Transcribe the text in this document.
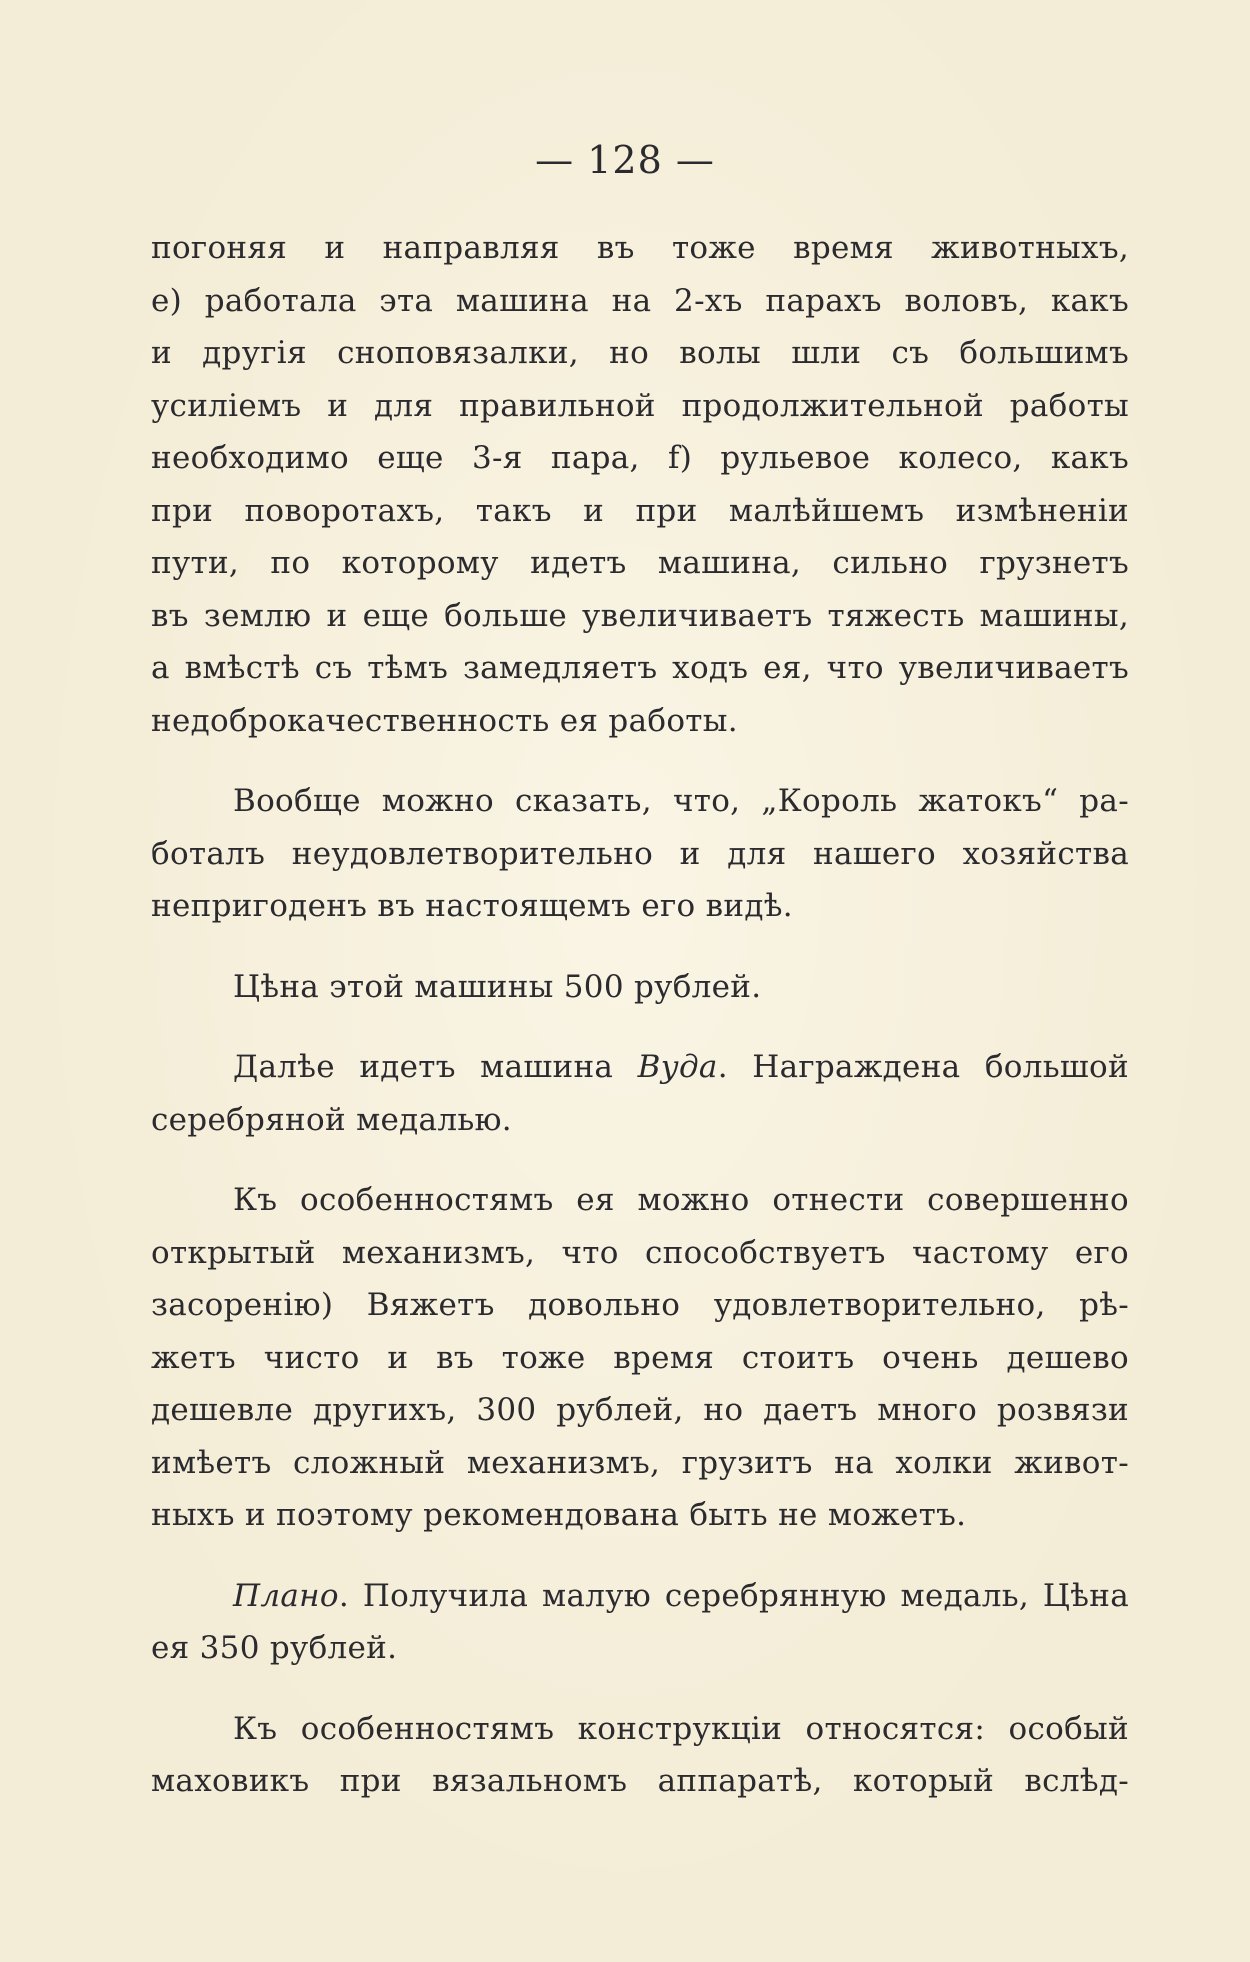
— 128 —
погоняя и направляя въ тоже время животныхъ,
е) работала эта машина на 2-хъ парахъ воловъ, какъ
и другія сноповязалки, но волы шли съ большимъ
усиліемъ и для правильной продолжительной работы
необходимо еще 3-я пара, f) рульевое колесо, какъ
при поворотахъ, такъ и при малѣйшемъ измѣненіи
пути, по которому идетъ машина, сильно грузнетъ
въ землю и еще больше увеличиваетъ тяжесть машины,
а вмѣстѣ съ тѣмъ замедляетъ ходъ ея, что увеличиваетъ
недоброкачественность ея работы.
Вообще можно сказать, что, „Король жатокъ“ ра-
боталъ неудовлетворительно и для нашего хозяйства
непригоденъ въ настоящемъ его видѣ.
Цѣна этой машины 500 рублей.
Далѣе идетъ машина Вуда. Награждена большой
серебряной медалью.
Къ особенностямъ ея можно отнести совершенно
открытый механизмъ, что способствуетъ частому его
засоренію) Вяжетъ довольно удовлетворительно, рѣ-
жетъ чисто и въ тоже время стоитъ очень дешево
дешевле другихъ, 300 рублей, но даетъ много розвязи
имѣетъ сложный механизмъ, грузитъ на холки живот-
ныхъ и поэтому рекомендована быть не можетъ.
Плано. Получила малую серебрянную медаль, Цѣна
ея 350 рублей.
Къ особенностямъ конструкціи относятся: особый
маховикъ при вязальномъ аппаратѣ, который вслѣд-
